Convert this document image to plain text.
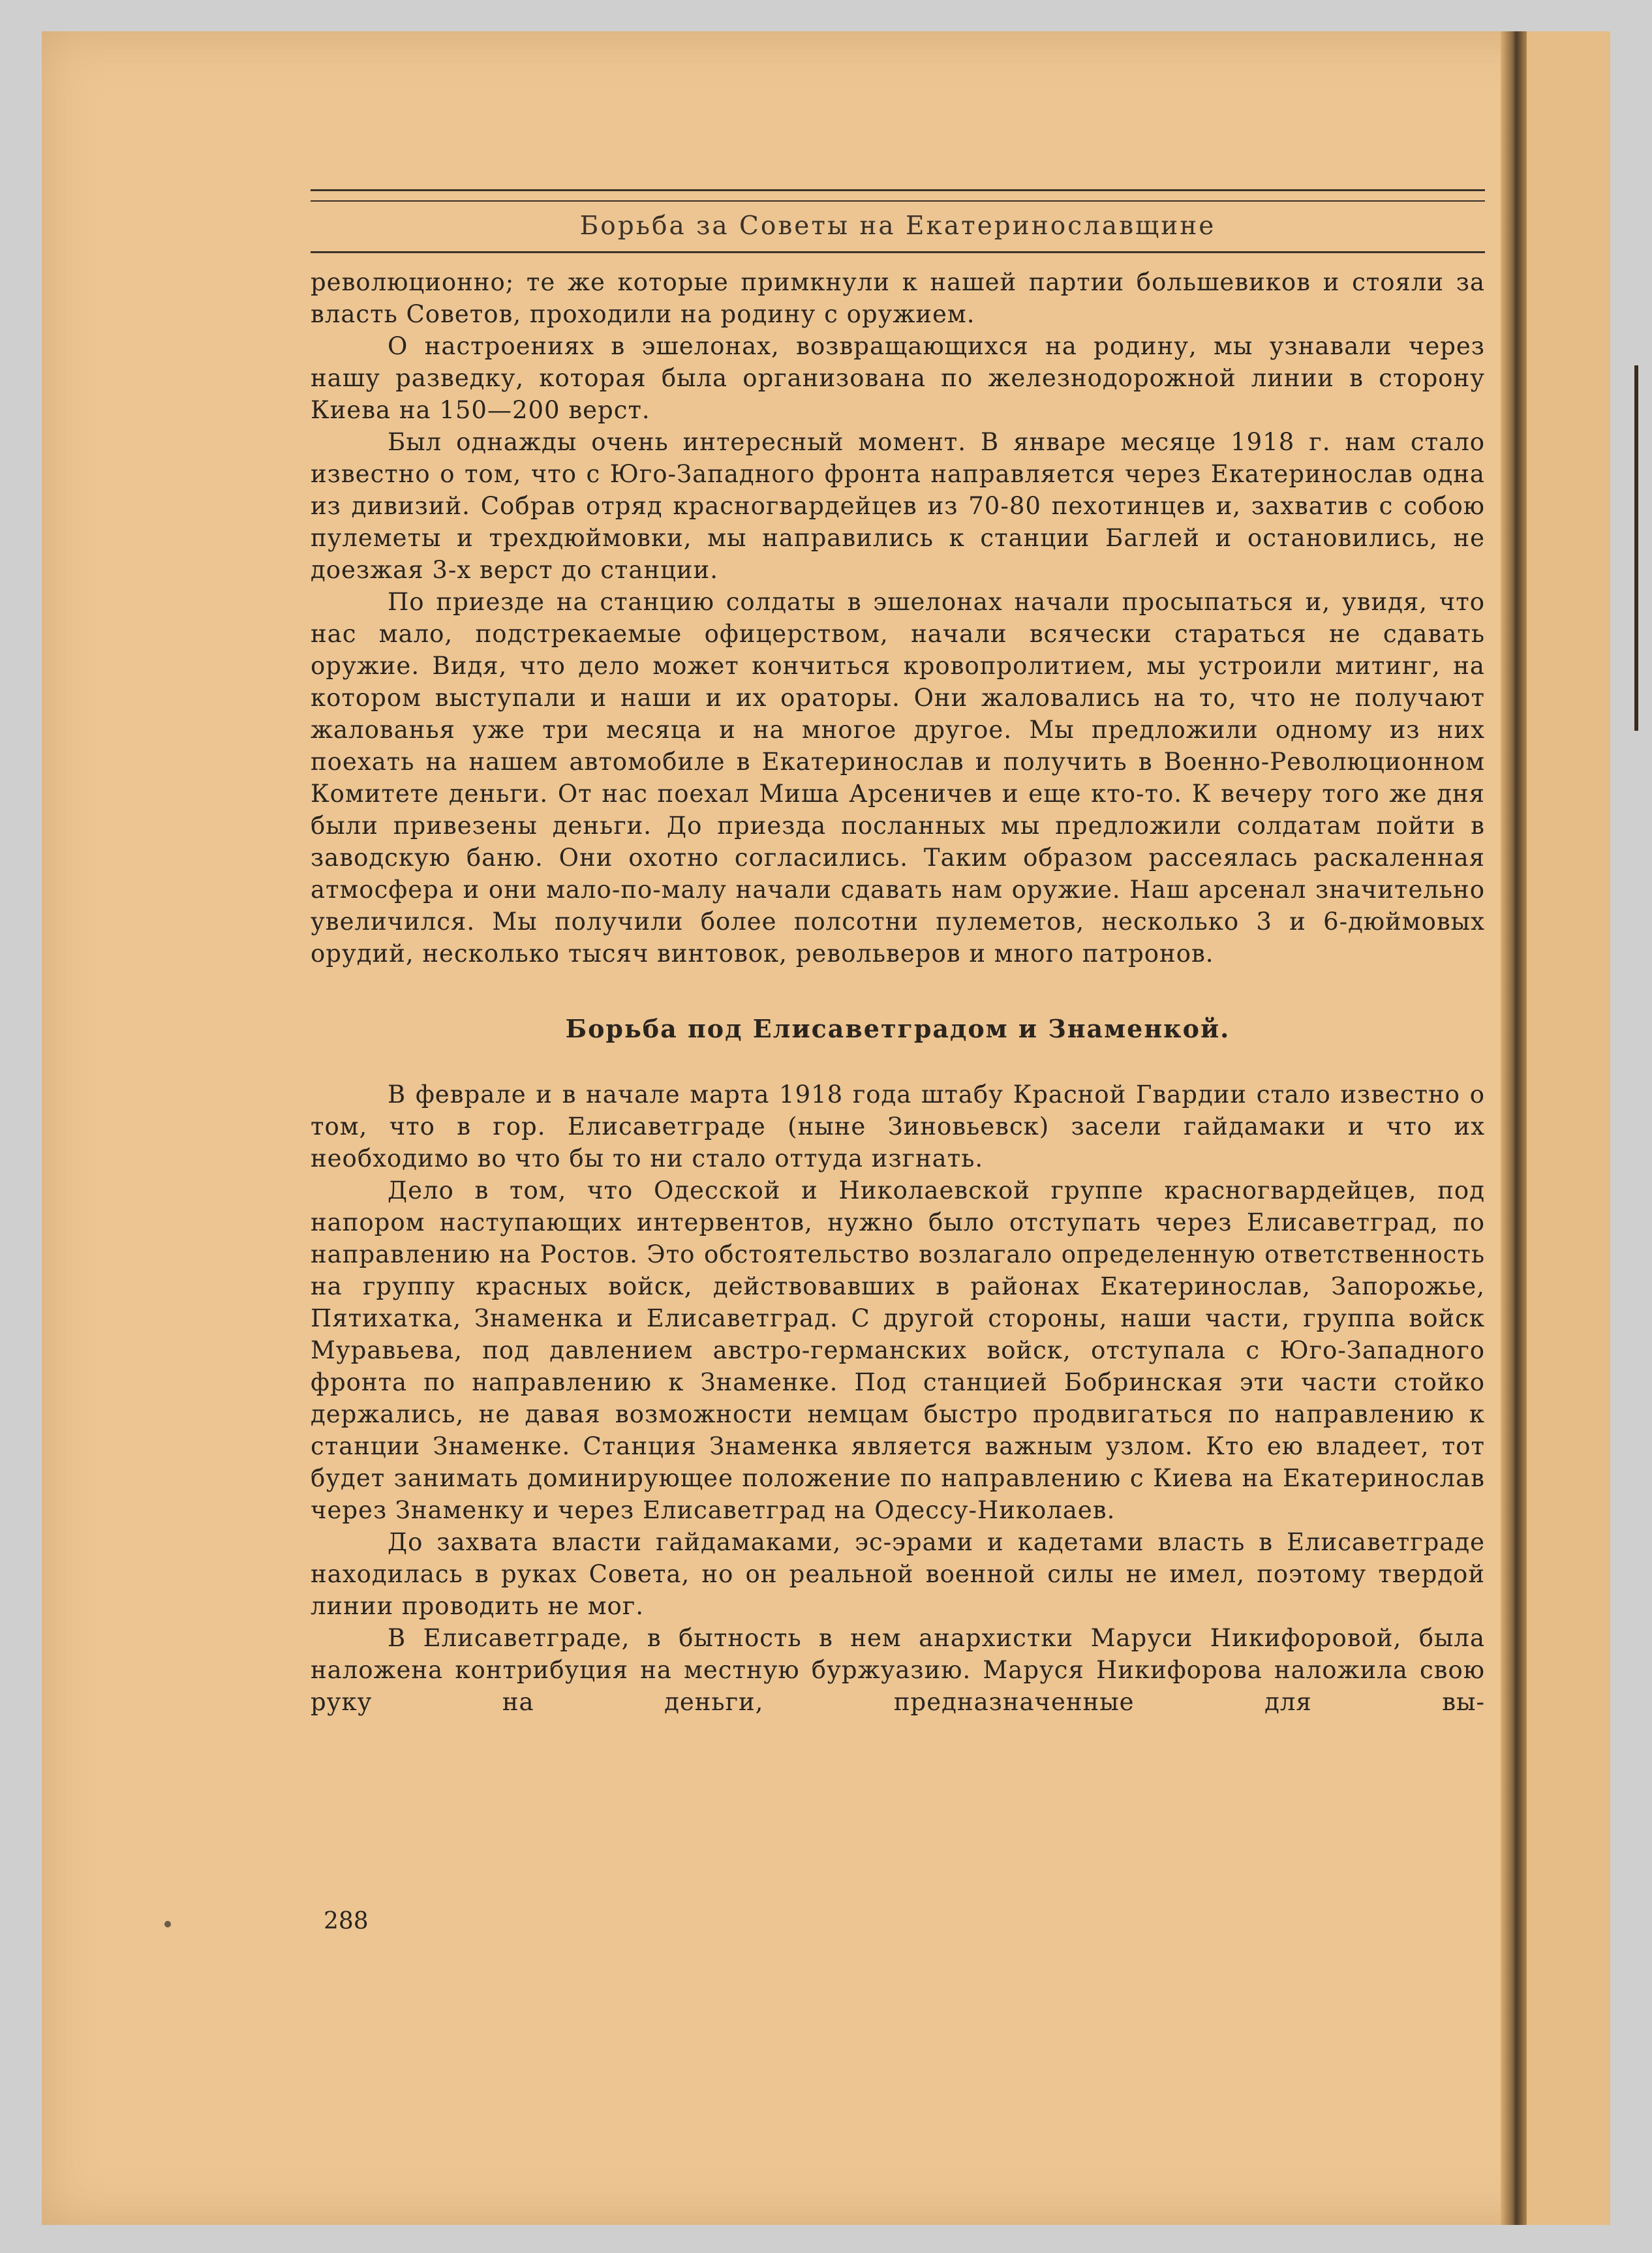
Борьба за Советы на Екатеринославщине

революционно; те же которые примкнули к нашей партии большевиков и стояли за власть Советов, проходили на родину с оружием.

О настроениях в эшелонах, возвращающихся на родину, мы узнавали через нашу разведку, которая была организована по железнодорожной линии в сторону Киева на 150—200 верст.

Был однажды очень интересный момент. В январе месяце 1918 г. нам стало известно о том, что с Юго-Западного фронта направляется через Екатеринослав одна из дивизий. Собрав отряд красногвардейцев из 70-80 пехотинцев и, захватив с собою пулеметы и трехдюймовки, мы направились к станции Баглей и остановились, не доезжая 3-х верст до станции.

По приезде на станцию солдаты в эшелонах начали просыпаться и, увидя, что нас мало, подстрекаемые офицерством, начали всячески стараться не сдавать оружие. Видя, что дело может кончиться кровопролитием, мы устроили митинг, на котором выступали и наши и их ораторы. Они жаловались на то, что не получают жалованья уже три месяца и на многое другое. Мы предложили одному из них поехать на нашем автомобиле в Екатеринослав и получить в Военно-Революционном Комитете деньги. От нас поехал Миша Арсеничев и еще кто-то. К вечеру того же дня были привезены деньги. До приезда посланных мы предложили солдатам пойти в заводскую баню. Они охотно согласились. Таким образом рассеялась раскаленная атмосфера и они мало-по-малу начали сдавать нам оружие. Наш арсенал значительно увеличился. Мы получили более полсотни пулеметов, несколько 3 и 6-дюймовых орудий, несколько тысяч винтовок, револьверов и много патронов.

Борьба под Елисаветградом и Знаменкой.

В феврале и в начале марта 1918 года штабу Красной Гвардии стало известно о том, что в гор. Елисаветграде (ныне Зиновьевск) засели гайдамаки и что их необходимо во что бы то ни стало оттуда изгнать.

Дело в том, что Одесской и Николаевской группе красногвардейцев, под напором наступающих интервентов, нужно было отступать через Елисаветград, по направлению на Ростов. Это обстоятельство возлагало определенную ответственность на группу красных войск, действовавших в районах Екатеринослав, Запорожье, Пятихатка, Знаменка и Елисаветград. С другой стороны, наши части, группа войск Муравьева, под давлением австро-германских войск, отступала с Юго-Западного фронта по направлению к Знаменке. Под станцией Бобринская эти части стойко держались, не давая возможности немцам быстро продвигаться по направлению к станции Знаменке. Станция Знаменка является важным узлом. Кто ею владеет, тот будет занимать доминирующее положение по направлению с Киева на Екатеринослав через Знаменку и через Елисаветград на Одессу-Николаев.

До захвата власти гайдамаками, эс-эрами и кадетами власть в Елисаветграде находилась в руках Совета, но он реальной военной силы не имел, поэтому твердой линии проводить не мог.

В Елисаветграде, в бытность в нем анархистки Маруси Никифоровой, была наложена контрибуция на местную буржуазию. Маруся Никифорова наложила свою руку на деньги, предназначенные для вы-

288
